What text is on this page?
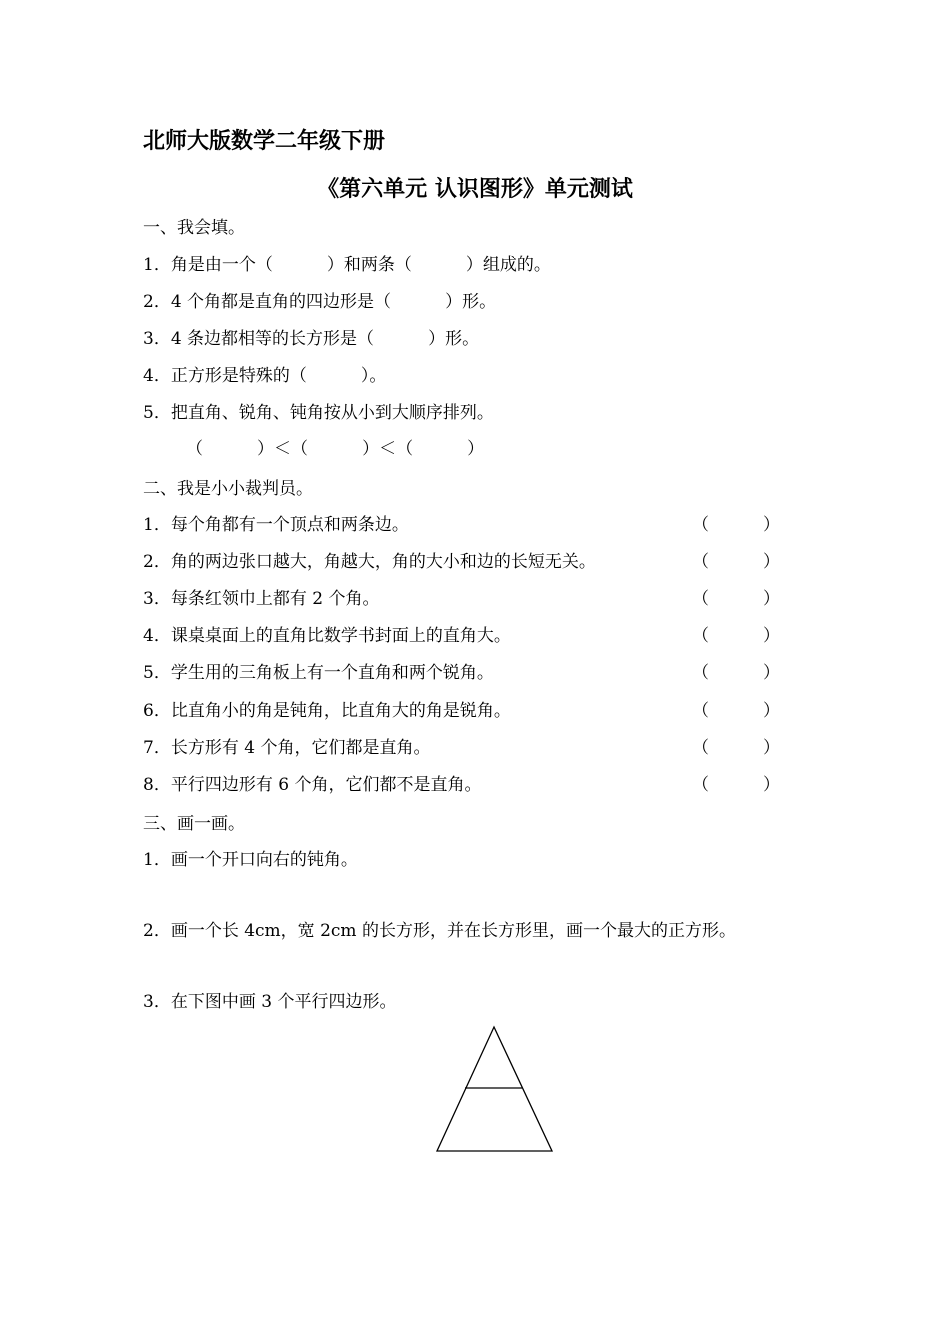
北师大版数学二年级下册
《第六单元 认识图形》单元测试
一、我会填。
1．角是由一个（          ）和两条（          ）组成的。
2．4 个角都是直角的四边形是（          ）形。
3．4 条边都相等的长方形是（          ）形。
4．正方形是特殊的（          ）。
5．把直角、锐角、钝角按从小到大顺序排列。
（          ）＜（          ）＜（          ）
二、我是小小裁判员。
1．每个角都有一个顶点和两条边。	（          ）
2．角的两边张口越大，角越大，角的大小和边的长短无关。	（          ）
3．每条红领巾上都有 2 个角。	（          ）
4．课桌桌面上的直角比数学书封面上的直角大。	（          ）
5．学生用的三角板上有一个直角和两个锐角。	（          ）
6．比直角小的角是钝角，比直角大的角是锐角。	（          ）
7．长方形有 4 个角，它们都是直角。	（          ）
8．平行四边形有 6 个角，它们都不是直角。	（          ）
三、画一画。
1．画一个开口向右的钝角。
2．画一个长 4cm，宽 2cm 的长方形，并在长方形里，画一个最大的正方形。
3．在下图中画 3 个平行四边形。
